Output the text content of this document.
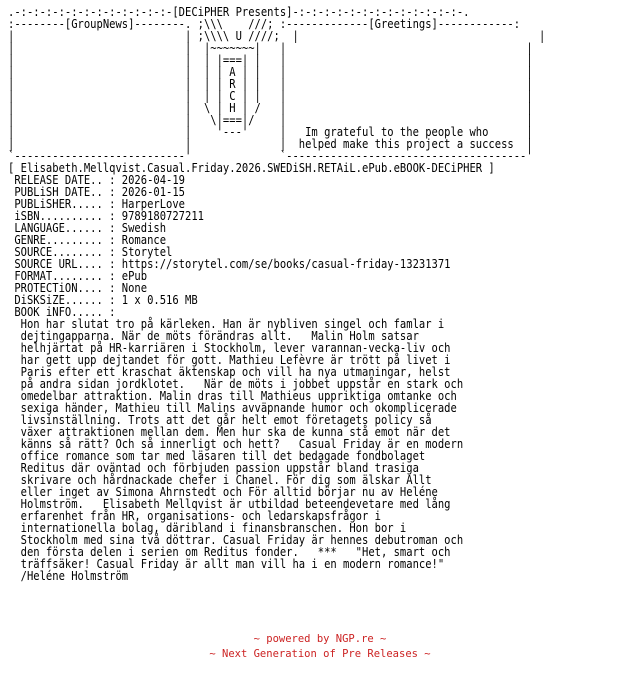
.-:-:-:-:-:-:-:-:-:-:-:-:-[DECiPHER Presents]-:-:-:-:-:-:-:-:-:-:-:-:-:-.
:--------[GroupNews]--------. ;\\\    ///; :-------------[Greetings]------------:
|                           | ;\\\\ U ////;  |                                      |
|                           |  |~~~~~~~|   |                                      |
|                           |  | |===| |   |                                      |
|                           |  | | A | |   |                                      |
|                           |  | | R | |   |                                      |
|                           |  | | C | |   |                                      |
|                           |  \ | H | /   |                                      |
|                           |   \|===|/    |                                      |
|                           |    '---'     |   Im grateful to the people who      |
|                           |              |  helped make this project a success  |
`---------------------------'              `--------------------------------------'
[ Elisabeth.Mellqvist.Casual.Friday.2026.SWEDiSH.RETAiL.ePub.eBOOK-DECiPHER ]
RELEASE DATE.. : 2026-04-19
PUBLiSH DATE.. : 2026-01-15
PUBLiSHER..... : HarperLove
iSBN.......... : 9789180727211
LANGUAGE...... : Swedish
GENRE......... : Romance
SOURCE........ : Storytel
SOURCE URL.... : https://storytel.com/se/books/casual-friday-13231371
FORMAT........ : ePub
PROTECTiON.... : None
DiSKSiZE...... : 1 x 0.516 MB
BOOK iNFO..... :
Hon har slutat tro på kärleken. Han är nybliven singel och famlar i
dejtingapparna. När de möts förändras allt.   Malin Holm satsar
helhjärtat på HR-karriären i Stockholm, lever varannan-vecka-liv och
har gett upp dejtandet för gott. Mathieu Lefèvre är trött på livet i
Paris efter ett kraschat äktenskap och vill ha nya utmaningar, helst
på andra sidan jordklotet.   När de möts i jobbet uppstår en stark och
omedelbar attraktion. Malin dras till Mathieus uppriktiga omtanke och
sexiga händer, Mathieu till Malins avväpnande humor och okomplicerade
livsinställning. Trots att det går helt emot företagets policy så
växer attraktionen mellan dem. Men hur ska de kunna stå emot när det
känns så rätt? Och så innerligt och hett?   Casual Friday är en modern
office romance som tar med läsaren till det bedagade fondbolaget
Reditus där oväntad och förbjuden passion uppstår bland trasiga
skrivare och hårdnackade chefer i Chanel. För dig som älskar Allt
eller inget av Simona Ahrnstedt och För alltid börjar nu av Heléne
Holmström.   Elisabeth Mellqvist är utbildad beteendevetare med lång
erfarenhet från HR, organisations- och ledarskapsfrågor i
internationella bolag, däribland i finansbranschen. Hon bor i
Stockholm med sina två döttrar. Casual Friday är hennes debutroman och
den första delen i serien om Reditus fonder.   ***   "Het, smart och
träffsäker! Casual Friday är allt man vill ha i en modern romance!"
/Heléne Holmström

~ powered by NGP.re ~
~ Next Generation of Pre Releases ~
